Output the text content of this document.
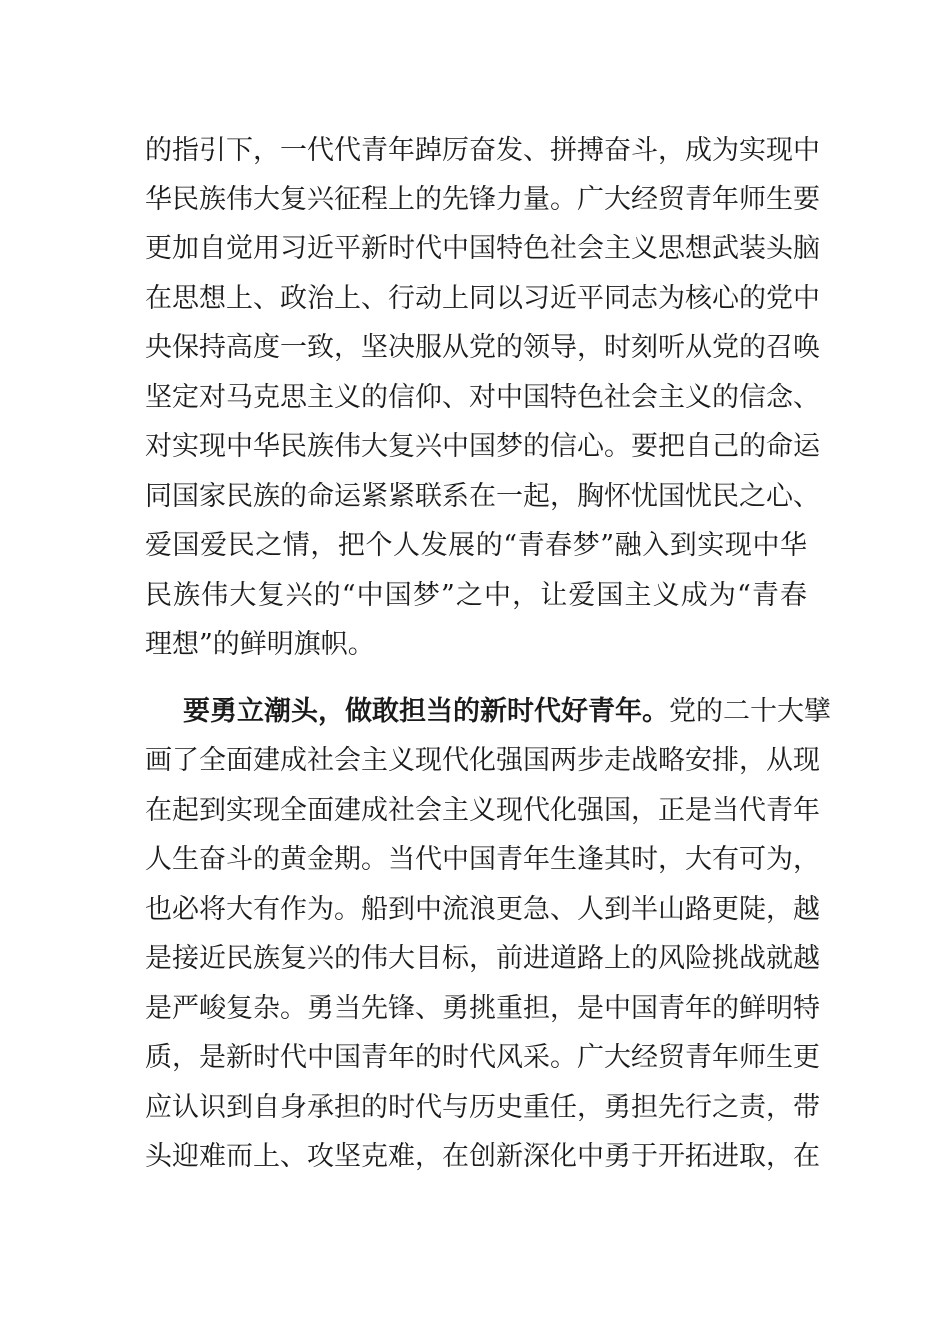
的指引下，一代代青年踔厉奋发、拼搏奋斗，成为实现中
华民族伟大复兴征程上的先锋力量。广大经贸青年师生要
更加自觉用习近平新时代中国特色社会主义思想武装头脑
在思想上、政治上、行动上同以习近平同志为核心的党中
央保持高度一致，坚决服从党的领导，时刻听从党的召唤
坚定对马克思主义的信仰、对中国特色社会主义的信念、
对实现中华民族伟大复兴中国梦的信心。要把自己的命运
同国家民族的命运紧紧联系在一起，胸怀忧国忧民之心、
爱国爱民之情，把个人发展的“青春梦”融入到实现中华
民族伟大复兴的“中国梦”之中，让爱国主义成为“青春
理想”的鲜明旗帜。
要勇立潮头，做敢担当的新时代好青年。党的二十大擘
画了全面建成社会主义现代化强国两步走战略安排，从现
在起到实现全面建成社会主义现代化强国，正是当代青年
人生奋斗的黄金期。当代中国青年生逢其时，大有可为，
也必将大有作为。船到中流浪更急、人到半山路更陡，越
是接近民族复兴的伟大目标，前进道路上的风险挑战就越
是严峻复杂。勇当先锋、勇挑重担，是中国青年的鲜明特
质，是新时代中国青年的时代风采。广大经贸青年师生更
应认识到自身承担的时代与历史重任，勇担先行之责，带
头迎难而上、攻坚克难，在创新深化中勇于开拓进取，在
